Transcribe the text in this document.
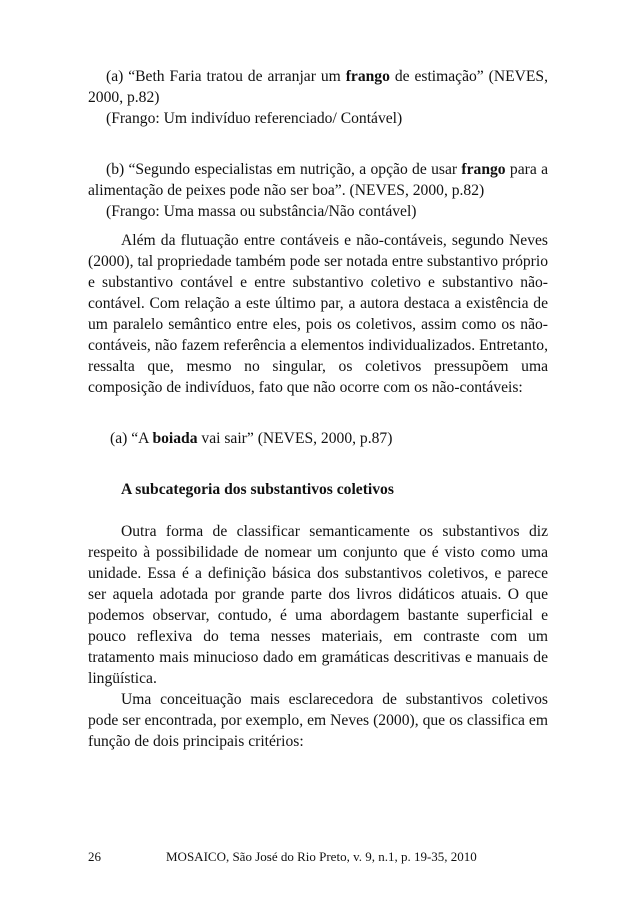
(a) “Beth Faria tratou de arranjar um frango de estimação” (NEVES, 2000, p.82)

(Frango: Um indivíduo referenciado/ Contável)

(b) “Segundo especialistas em nutrição, a opção de usar frango para a alimentação de peixes pode não ser boa”. (NEVES, 2000, p.82)

(Frango: Uma massa ou substância/Não contável)

Além da flutuação entre contáveis e não-contáveis, segundo Neves (2000), tal propriedade também pode ser notada entre substantivo próprio e substantivo contável e entre substantivo coletivo e substantivo não-contável. Com relação a este último par, a autora destaca a existência de um paralelo semântico entre eles, pois os coletivos, assim como os não-contáveis, não fazem referência a elementos individualizados. Entretanto, ressalta que, mesmo no singular, os coletivos pressupõem uma composição de indivíduos, fato que não ocorre com os não-contáveis:

(a) “A boiada vai sair” (NEVES, 2000, p.87)

A subcategoria dos substantivos coletivos

Outra forma de classificar semanticamente os substantivos diz respeito à possibilidade de nomear um conjunto que é visto como uma unidade. Essa é a definição básica dos substantivos coletivos, e parece ser aquela adotada por grande parte dos livros didáticos atuais. O que podemos observar, contudo, é uma abordagem bastante superficial e pouco reflexiva do tema nesses materiais, em contraste com um tratamento mais minucioso dado em gramáticas descritivas e manuais de lingüística.

Uma conceituação mais esclarecedora de substantivos coletivos pode ser encontrada, por exemplo, em Neves (2000), que os classifica em função de dois principais critérios:

26	MOSAICO, São José do Rio Preto, v. 9, n.1, p. 19-35, 2010
